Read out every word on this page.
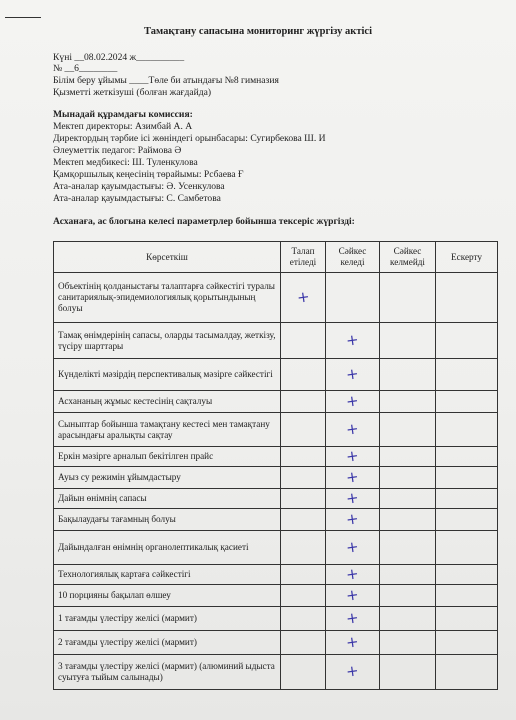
Тамақтану сапасына мониторинг жүргізу актісі
Күні __08.02.2024 ж__________
№ __6________
Білім беру ұйымы ____Төле би атындағы №8 гимназия
Қызметті жеткізуші (болған жағдайда)
Мынадай құрамдағы комиссия:
Мектеп директоры: Азимбай А. А
Директордың тәрбие ісі жөніндегі орынбасары: Сугирбекова Ш. И
Әлеуметтік педагог: Раймова Ә
Мектеп медбикесі: Ш. Туленкулова
Қамқоршылық кеңесінің төрайымы: Рсбаева Ғ
Ата-аналар қауымдастығы: Ә. Усенкулова
Ата-аналар қауымдастығы: С. Самбетова
Асханаға, ас блогына келесі параметрлер бойынша тексеріс жүргізді:
Көрсеткіш	Талап етіледі	Сәйкес келеді	Сәйкес келмейді	Ескерту
Объектінің қолданыстағы талаптарға сәйкестігі туралы санитариялық-эпидемиологиялық қорытындының болуы	+			
Тамақ өнімдерінің сапасы, оларды тасымалдау, жеткізу, түсіру шарттары		+		
Күнделікті мәзірдің перспективалық мәзірге сәйкестігі		+		
Асхананың жұмыс кестесінің сақталуы		+		
Сыныптар бойынша тамақтану кестесі мен тамақтану арасындағы аралықты сақтау		+		
Еркін мәзірге арналып бекітілген прайс		+		
Ауыз су режимін ұйымдастыру		+		
Дайын өнімнің сапасы		+		
Бақылаудағы тағамның болуы		+		
Дайындалған өнімнің органолептикалық қасиеті		+		
Технологиялық картаға сәйкестігі		+		
10 порцияны бақылап өлшеу		+		
1 тағамды үлестіру желісі (мармит)		+		
2 тағамды үлестіру желісі (мармит)		+		
3 тағамды үлестіру желісі (мармит) (алюминий ыдыста суытуға тыйым салынады)		+		
